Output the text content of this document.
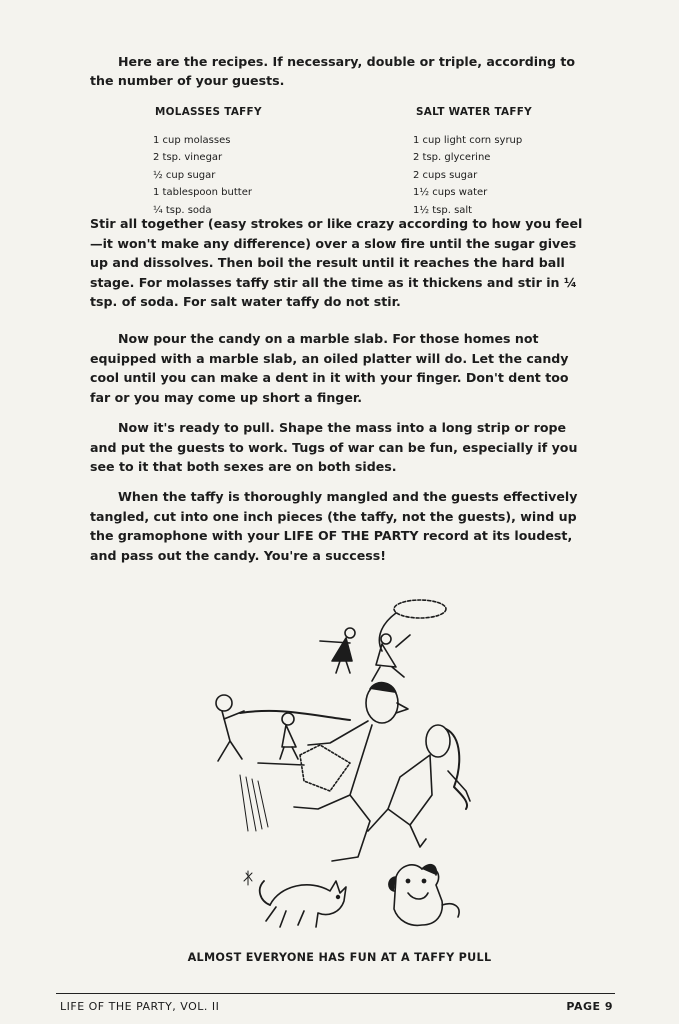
Here are the recipes. If necessary, double or triple, according to the number of your guests.

MOLASSES TAFFY
1 cup molasses
2 tsp. vinegar
½ cup sugar
1 tablespoon butter
¼ tsp. soda
SALT WATER TAFFY
1 cup light corn syrup
2 tsp. glycerine
2 cups sugar
1½ cups water
1½ tsp. salt

Stir all together (easy strokes or like crazy according to how you feel—it won't make any difference) over a slow fire until the sugar gives up and dissolves. Then boil the result until it reaches the hard ball stage. For molasses taffy stir all the time as it thickens and stir in ¼ tsp. of soda. For salt water taffy do not stir.

Now pour the candy on a marble slab. For those homes not equipped with a marble slab, an oiled platter will do. Let the candy cool until you can make a dent in it with your finger. Don't dent too far or you may come up short a finger.

Now it's ready to pull. Shape the mass into a long strip or rope and put the guests to work. Tugs of war can be fun, especially if you see to it that both sexes are on both sides.

When the taffy is thoroughly mangled and the guests effectively tangled, cut into one inch pieces (the taffy, not the guests), wind up the gramophone with your LIFE OF THE PARTY record at its loudest, and pass out the candy. You're a success!

ALMOST EVERYONE HAS FUN AT A TAFFY PULL
LIFE OF THE PARTY, VOL. II	PAGE 9
